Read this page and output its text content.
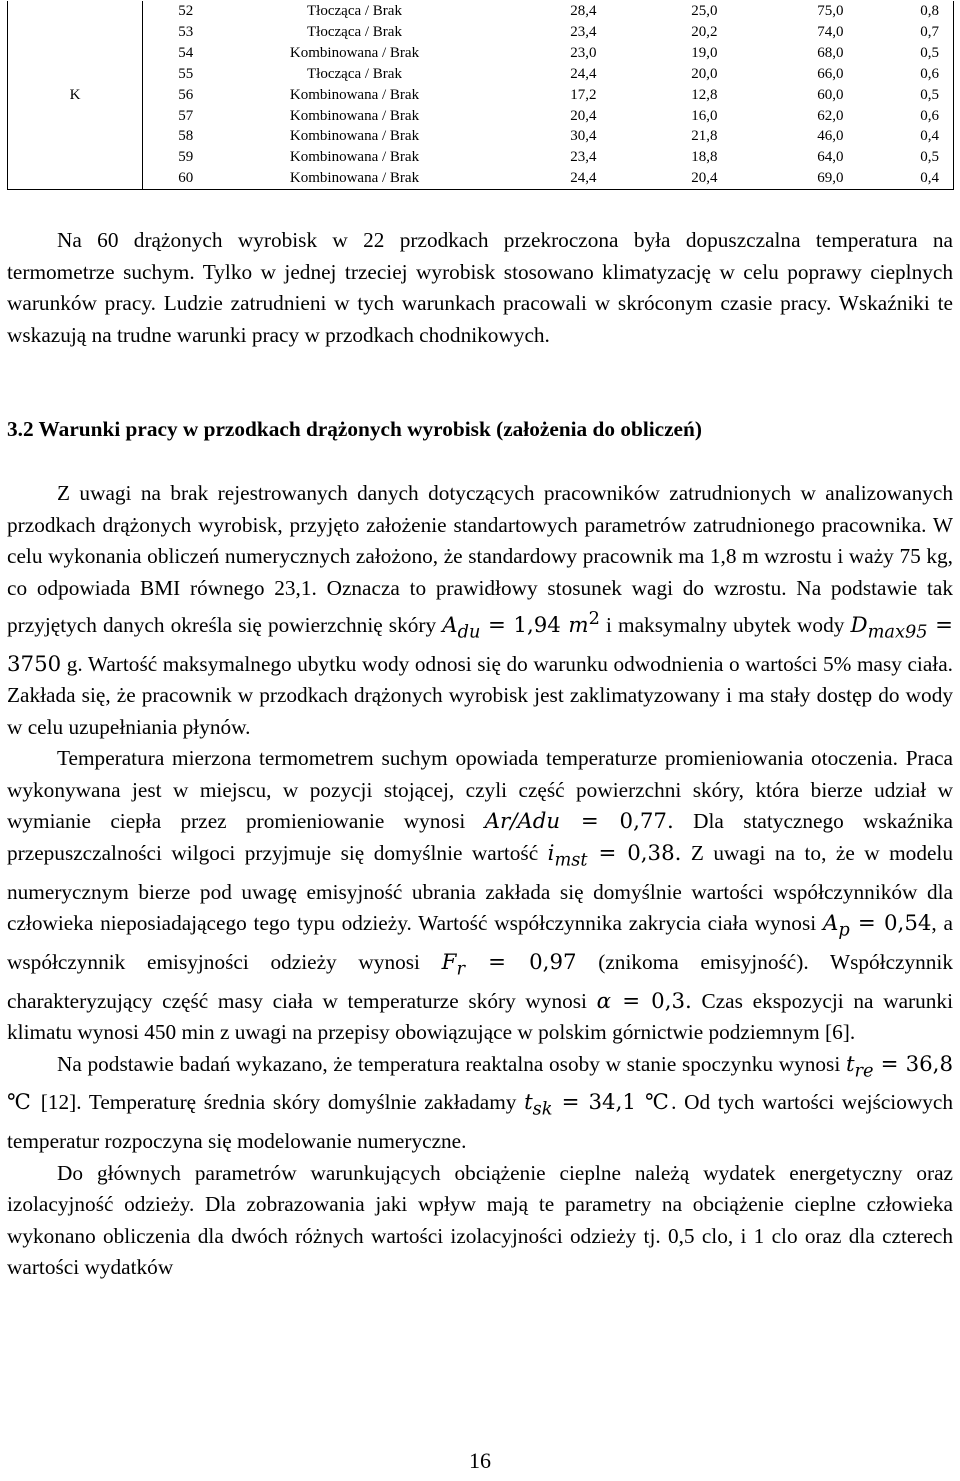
K	52	Tłocząca / Brak	28,4	25,0	75,0	0,8
	53	Tłocząca / Brak	23,4	20,2	74,0	0,7
	54	Kombinowana / Brak	23,0	19,0	68,0	0,5
	55	Tłocząca / Brak	24,4	20,0	66,0	0,6
	56	Kombinowana / Brak	17,2	12,8	60,0	0,5
	57	Kombinowana / Brak	20,4	16,0	62,0	0,6
	58	Kombinowana / Brak	30,4	21,8	46,0	0,4
	59	Kombinowana / Brak	23,4	18,8	64,0	0,5
	60	Kombinowana / Brak	24,4	20,4	69,0	0,4

Na 60 drążonych wyrobisk w 22 przodkach przekroczona była dopuszczalna temperatura na termometrze suchym. Tylko w jednej trzeciej wyrobisk stosowano klimatyzację w celu poprawy cieplnych warunków pracy. Ludzie zatrudnieni w tych warunkach pracowali w skróconym czasie pracy. Wskaźniki te wskazują na trudne warunki pracy w przodkach chodnikowych.

3.2 Warunki pracy w przodkach drążonych wyrobisk (założenia do obliczeń)

Z uwagi na brak rejestrowanych danych dotyczących pracowników zatrudnionych w analizowanych przodkach drążonych wyrobisk, przyjęto założenie standartowych parametrów zatrudnionego pracownika. W celu wykonania obliczeń numerycznych założono, że standardowy pracownik ma 1,8 m wzrostu i waży 75 kg, co odpowiada BMI równego 23,1. Oznacza to prawidłowy stosunek wagi do wzrostu. Na podstawie tak przyjętych danych określa się powierzchnię skóry $A_{du} = 1,94$ $m^2$ i maksymalny ubytek wody $D_{max95} = 3750$ g. Wartość maksymalnego ubytku wody odnosi się do warunku odwodnienia o wartości 5% masy ciała. Zakłada się, że pracownik w przodkach drążonych wyrobisk jest zaklimatyzowany i ma stały dostęp do wody w celu uzupełniania płynów.

Temperatura mierzona termometrem suchym opowiada temperaturze promieniowania otoczenia. Praca wykonywana jest w miejscu, w pozycji stojącej, czyli część powierzchni skóry, która bierze udział w wymianie ciepła przez promieniowanie wynosi Ar/Adu = 0,77. Dla statycznego wskaźnika przepuszczalności wilgoci przyjmuje się domyślnie wartość $i_{mst} = 0,38$. Z uwagi na to, że w modelu numerycznym bierze pod uwagę emisyjność ubrania zakłada się domyślnie wartości współczynników dla człowieka nieposiadającego tego typu odzieży. Wartość współczynnika zakrycia ciała wynosi $A_p = 0,54$, a współczynnik emisyjności odzieży wynosi $F_r = 0,97$ (znikoma emisyjność). Współczynnik charakteryzujący część masy ciała w temperaturze skóry wynosi α = 0,3. Czas ekspozycji na warunki klimatu wynosi 450 min z uwagi na przepisy obowiązujące w polskim górnictwie podziemnym [6].

Na podstawie badań wykazano, że temperatura reaktalna osoby w stanie spoczynku wynosi $t_{re} = 36,8$ ℃ [12]. Temperaturę średnia skóry domyślnie zakładamy $t_{sk} = 34,1$ ℃. Od tych wartości wejściowych temperatur rozpoczyna się modelowanie numeryczne.

Do głównych parametrów warunkujących obciążenie cieplne należą wydatek energetyczny oraz izolacyjność odzieży. Dla zobrazowania jaki wpływ mają te parametry na obciążenie cieplne człowieka wykonano obliczenia dla dwóch różnych wartości izolacyjności odzieży tj. 0,5 clo, i 1 clo oraz dla czterech wartości wydatków

16
